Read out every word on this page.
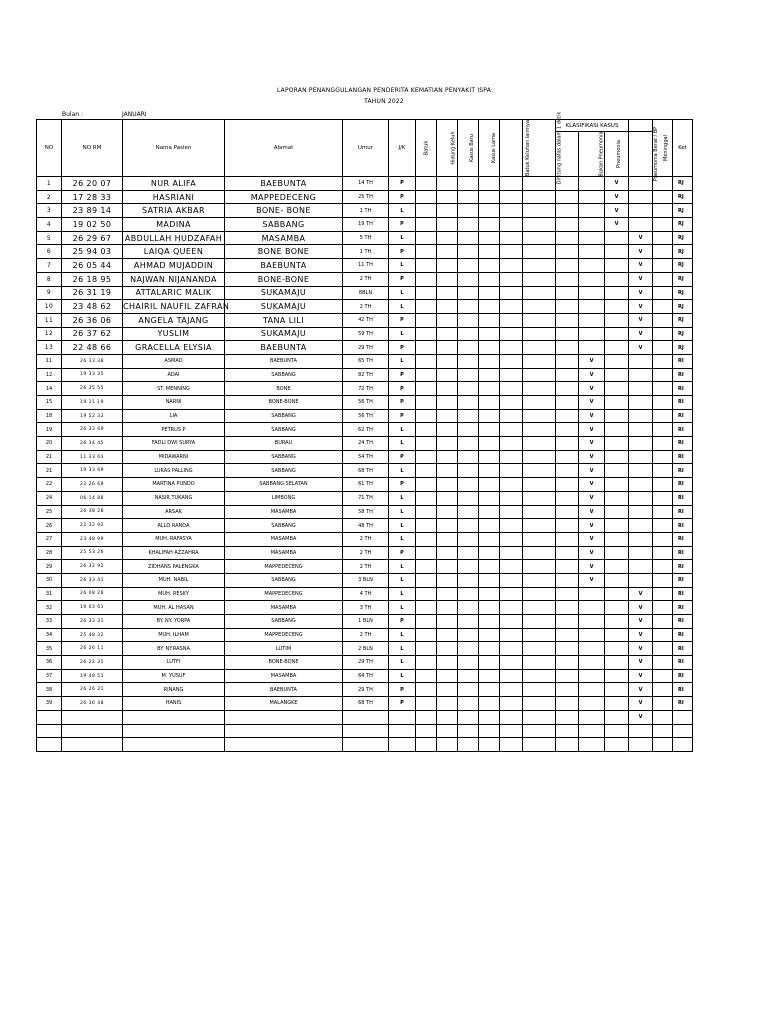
LAPORAN PENANGGULANGAN PENDERITA KEMATIAN PENYAKIT ISPA
TAHUN 2022
Bulan :	JANUARI
NO	NO RM	Nama Pasien	Alamat	Umur	J/K	Batuk	Hidung Keluh	Kasus Baru	Kasus Lama	Batuk Keluhan lainnya	Dihitung nafas dalam 1 detik	KLASIFIKASI KASUS				Meninggal	Ket
													Bukan Pneumonia	Pneumonia	Pneumonia Berat / BP		
1	26 20 07	NUR ALIFA	BAEBUNTA	14 TH	P									V			RJ
2	17 28 33	HASRIANI	MAPPEDECENG	25 TH	P									V			RJ
3	23 89 14	SATRIA AKBAR	BONE- BONE	1 TH	L									V			RJ
4	19 02 50	MADINA	SABBANG	19 TH	P									V			RJ
5	26 29 67	ABDULLAH HUDZAFAH	MASAMBA	5 TH	L										V		RJ
6	25 94 03	LAIQA QUEEN	BONE BONE	1 TH	P										V		RJ
7	26 05 44	AHMAD MUJADDIN	BAEBUNTA	11 TH	L										V		RJ
8	26 18 95	NAJWAN NIJANANDA	BONE-BONE	2 TH	P										V		RJ
9	26 31 19	ATTALARIC MALIK	SUKAMAJU	8BLN	L										V		RJ
10	23 48 62	CHAIRIL NAUFIL ZAFRAN	SUKAMAJU	2 TH	L										V		RJ
11	26 36 06	ANGELA TAJANG	TANA LILI	42 TH	P										V		RJ
12	26 37 62	YUSLIM	SUKAMAJU	59 TH	L										V		RJ
13	22 48 66	GRACELLA ELYSIA	BAEBUNTA	29 TH	P										V		RJ
11	26 33 38	ASMAD	BAEBUNTA	65 TH	L								V				RI
12	19 33 35	ADAI	SABBANG	82 TH	P								V				RI
14	26 35 55	ST. MENNING	BONE	72 TH	P								V				RI
15	19 11 19	NARNI	BONE-BONE	56 TH	P								V				RI
18	19 52 32	LIA	SABBANG	56 TH	P								V				RI
19	26 33 69	PETRUS P	SABBANG	62 TH	L								V				RI
20	26 34 45	FADLI DWI SURYA	BURAU	24 TH	L								V				RI
21	11 33 63	MIDAWARNI	SABBANG	54 TH	P								V				RI
21	19 33 69	LUKAS PALLING	SABBANG	68 TH	L								V				RI
22	22 26 68	MARTINA PUNDO	SABBANG SELATAN	61 TH	P								V				RI
24	06 14 88	NASIR TUKANG	LIMBONG	71 TH	L								V				RI
25	26 38 28	ARSAK	MASAMBA	58 TH	L								V				RI
26	22 32 92	ALLO RANDA	SABBANG	48 TH	L								V				RI
27	23 48 99	MUH. RAFASYA	MASAMBA	2 TH	L								V				RI
28	25 53 26	KHALIFAH AZZAHRA	MASAMBA	2 TH	P								V				RI
29	26 32 92	ZIDHANS PALENGKA	MAPPEDECENG	2 TH	L								V				RI
30	26 33 41	MUH. NABIL	SABBANG	3 BLN	L								V				RI
31	26 08 28	MUH. RESKY	MAPPEDECENG	4 TH	L										V		RI
32	19 03 61	MUH. AL HASAN	MASAMBA	3 TH	L										V		RI
33	26 33 31	BY. NY. YORPA	SABBANG	1 BLN	P										V		RI
34	25 48 32	MUH. ILHAM	MAPPEDECENG	2 TH	L										V		RI
35	26 26 11	BY. NY.RASNA	LUTIM	2 BLN	L										V		RI
36	26 22 35	LUTFI	BONE-BONE	29 TH	L										V		RI
37	19 48 51	M. YUSUF	MASAMBA	64 TH	L										V		RI
38	26 26 21	RINANG	BAEBUNTA	29 TH	P										V		RI
39	26 36 48	HANIS	MALANGKE	68 TH	P										V		RI
															V		
